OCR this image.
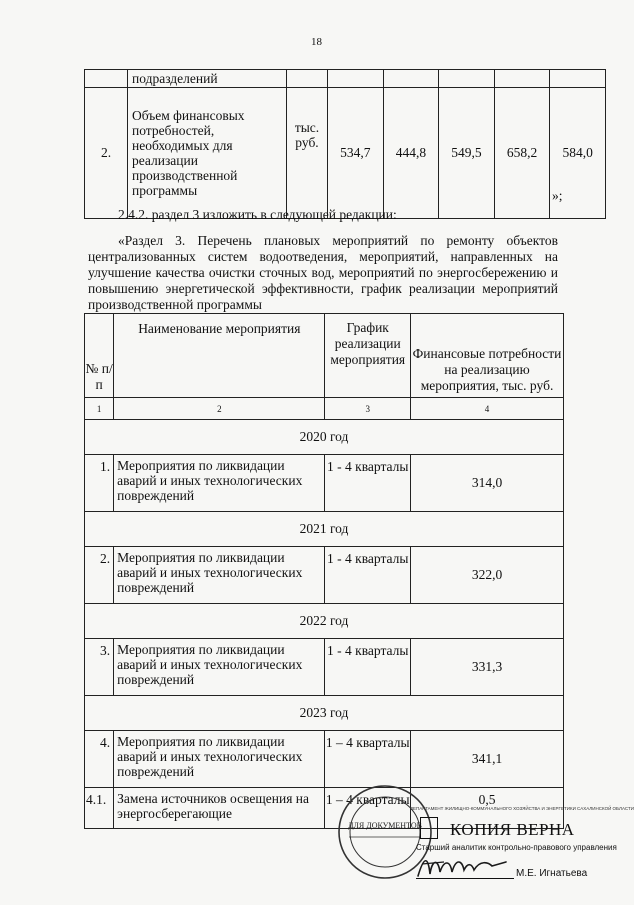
18
	подразделений						
2.	Объем финансовых потребностей, необходимых для реализации производственной программы	тыс. руб.	534,7	444,8	549,5	658,2	584,0
»;
2.4.2. раздел 3 изложить в следующей редакции:
«Раздел 3. Перечень плановых мероприятий по ремонту объектов централизованных систем водоотведения, мероприятий, направленных на улучшение качества очистки сточных вод, мероприятий по энергосбережению и повышению энергетической эффективности, график реализации мероприятий производственной программы
№ п/п	Наименование мероприятия	График реализации мероприятия	Финансовые потребности на реализацию мероприятия, тыс. руб.
1	2	3	4
2020 год			
1.	Мероприятия по ликвидации аварий и иных технологических повреждений	1 - 4 кварталы	314,0
2021 год			
2.	Мероприятия по ликвидации аварий и иных технологических повреждений	1 - 4 кварталы	322,0
2022 год			
3.	Мероприятия по ликвидации аварий и иных технологических повреждений	1 - 4 кварталы	331,3
2023 год			
4.	Мероприятия по ликвидации аварий и иных технологических повреждений	1 – 4 кварталы	341,1
4.1.	Замена источников освещения на энергосберегающие	1 – 4 кварталы	0,5
ДЛЯ ДОКУМЕНТОВ
ДЕПАРТАМЕНТ ЖИЛИЩНО-КОММУНАЛЬНОГО ХОЗЯЙСТВА И ЭНЕРГЕТИКИ САХАЛИНСКОЙ ОБЛАСТИ
КОПИЯ ВЕРНА
Старший аналитик контрольно-правового управления
М.Е. Игнатьева
